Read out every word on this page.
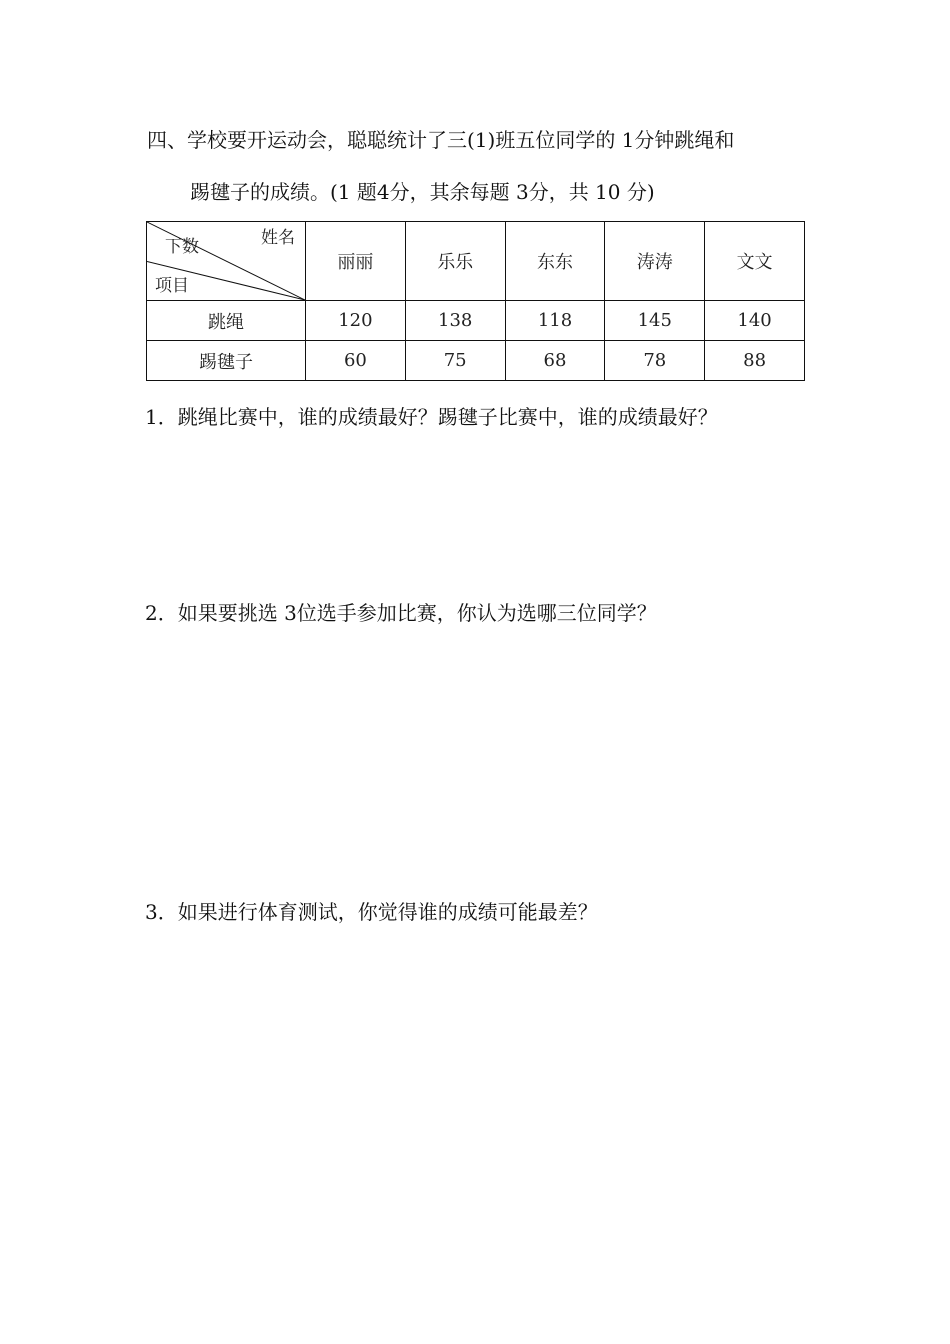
四、学校要开运动会，聪聪统计了三(1)班五位同学的 1分钟跳绳和
踢毽子的成绩。(1 题4分，其余每题 3分，共 10 分)
姓名
下数
项目	丽丽	乐乐	东东	涛涛	文文
跳绳	120	138	118	145	140
踢毽子	60	75	68	78	88
1．跳绳比赛中，谁的成绩最好？踢毽子比赛中，谁的成绩最好？
2．如果要挑选 3位选手参加比赛，你认为选哪三位同学？
3．如果进行体育测试，你觉得谁的成绩可能最差？
